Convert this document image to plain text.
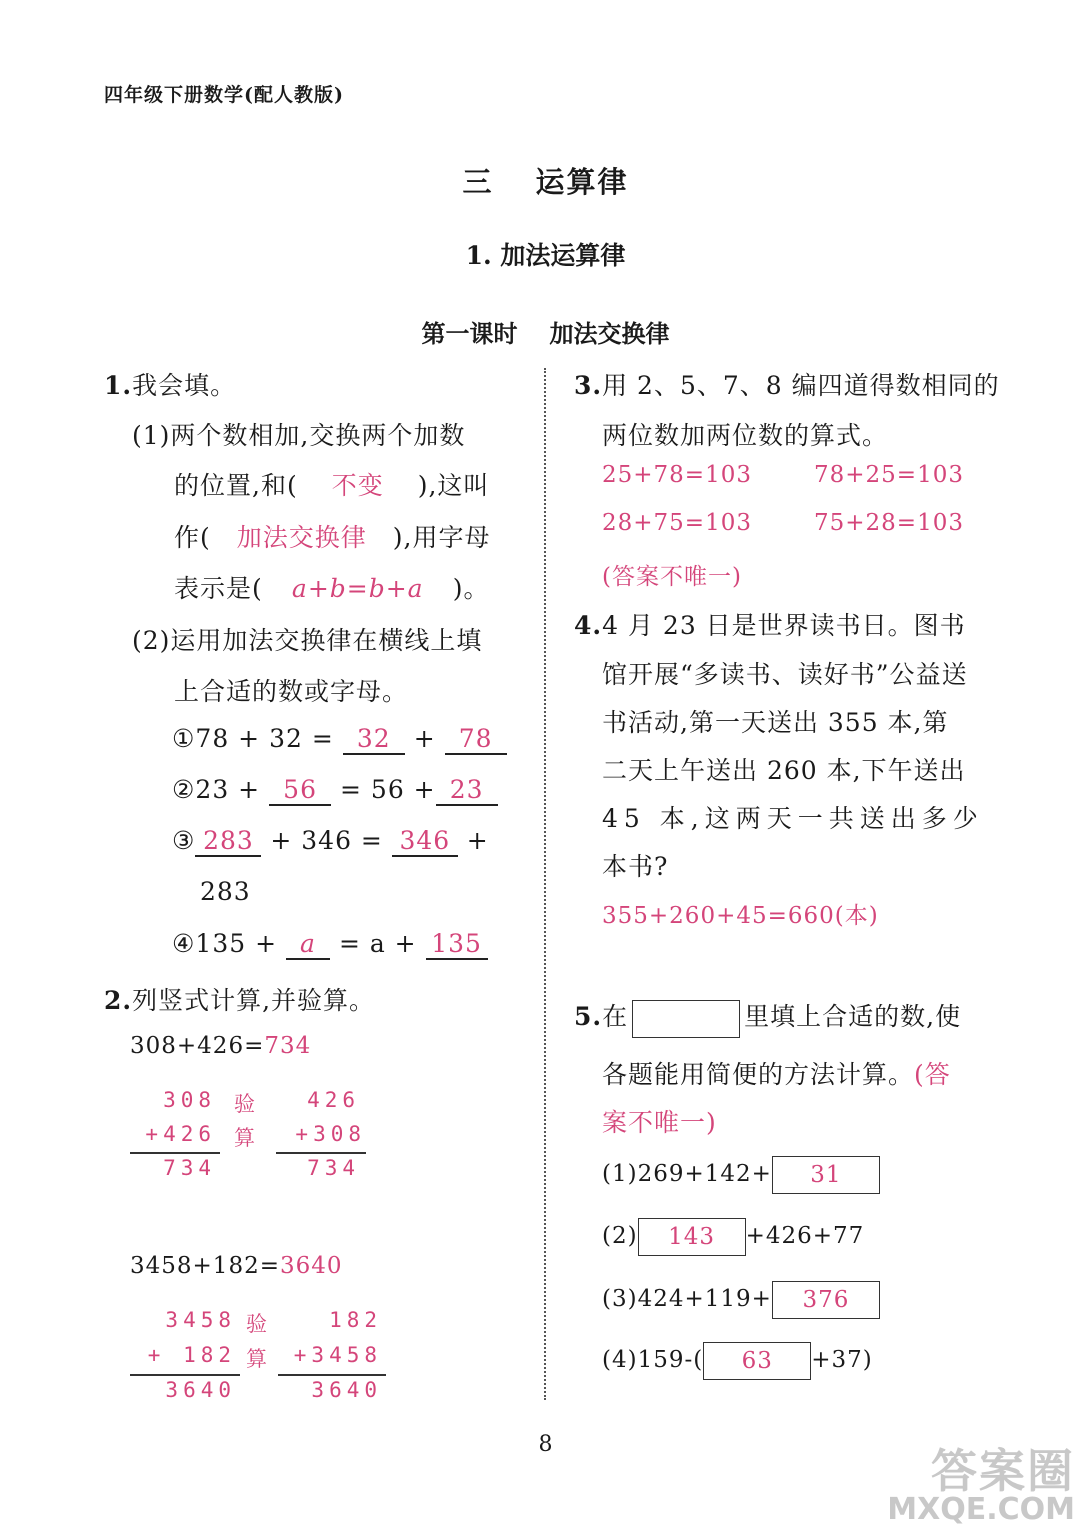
四年级下册数学(配人教版)
三 运算律
1. 加法运算律
第一课时 加法交换律
1.我会填。
(1)两个数相加,交换两个加数
的位置,和( 不变 ),这叫
作( 加法交换律 ),用字母
表示是( a+b=b+a )。
(2)运用加法交换律在横线上填
上合适的数或字母。
①78 + 32 = 32 + 78
②23 + 56 = 56 + 23
③ 283 + 346 = 346 +
283
④135 + a = a + 135
2.列竖式计算,并验算。
308+426=734
308
+426
734
验
算
426
+308
734
3458+182=3640
3458
+ 182
3640
验
算
182
+3458
3640
3.用 2、5、7、8 编四道得数相同的
两位数加两位数的算式。
25+78=103	78+25=103
28+75=103	75+28=103
(答案不唯一)
4.4 月 23 日是世界读书日。图书
馆开展“多读书、读好书”公益送
书活动,第一天送出 355 本,第
二天上午送出 260 本,下午送出
45 本,这两天一共送出多少
本书?
355+260+45=660(本)
5.在	里填上合适的数,使
各题能用简便的方法计算。(答
案不唯一)
(1)269+142+ 31
(2) 143 +426+77
(3)424+119+ 376
(4)159-( 63 +37)
8	答案圈
MXQE.COM
